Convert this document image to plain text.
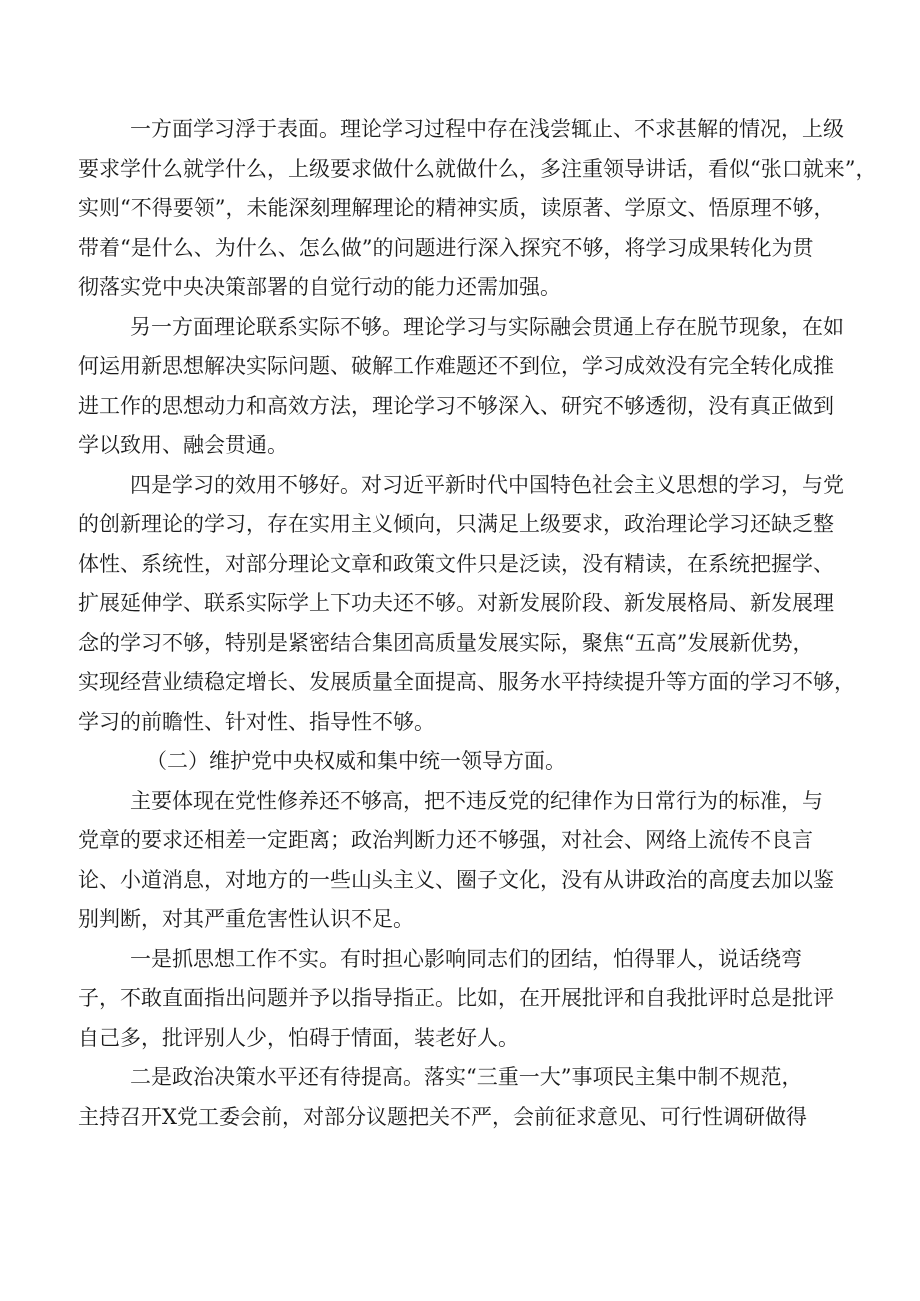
一方面学习浮于表面。理论学习过程中存在浅尝辄止、不求甚解的情况，上级
要求学什么就学什么，上级要求做什么就做什么，多注重领导讲话，看似“张口就来”，
实则“不得要领”，未能深刻理解理论的精神实质，读原著、学原文、悟原理不够，
带着“是什么、为什么、怎么做”的问题进行深入探究不够，将学习成果转化为贯
彻落实党中央决策部署的自觉行动的能力还需加强。
另一方面理论联系实际不够。理论学习与实际融会贯通上存在脱节现象，在如
何运用新思想解决实际问题、破解工作难题还不到位，学习成效没有完全转化成推
进工作的思想动力和高效方法，理论学习不够深入、研究不够透彻，没有真正做到
学以致用、融会贯通。
四是学习的效用不够好。对习近平新时代中国特色社会主义思想的学习，与党
的创新理论的学习，存在实用主义倾向，只满足上级要求，政治理论学习还缺乏整
体性、系统性，对部分理论文章和政策文件只是泛读，没有精读，在系统把握学、
扩展延伸学、联系实际学上下功夫还不够。对新发展阶段、新发展格局、新发展理
念的学习不够，特别是紧密结合集团高质量发展实际，聚焦“五高”发展新优势，
实现经营业绩稳定增长、发展质量全面提高、服务水平持续提升等方面的学习不够，
学习的前瞻性、针对性、指导性不够。
（二）维护党中央权威和集中统一领导方面。
主要体现在党性修养还不够高，把不违反党的纪律作为日常行为的标准，与
党章的要求还相差一定距离；政治判断力还不够强，对社会、网络上流传不良言
论、小道消息，对地方的一些山头主义、圈子文化，没有从讲政治的高度去加以鉴
别判断，对其严重危害性认识不足。
一是抓思想工作不实。有时担心影响同志们的团结，怕得罪人，说话绕弯
子，不敢直面指出问题并予以指导指正。比如，在开展批评和自我批评时总是批评
自己多，批评别人少，怕碍于情面，装老好人。
二是政治决策水平还有待提高。落实“三重一大”事项民主集中制不规范，
主持召开X党工委会前，对部分议题把关不严，会前征求意见、可行性调研做得
